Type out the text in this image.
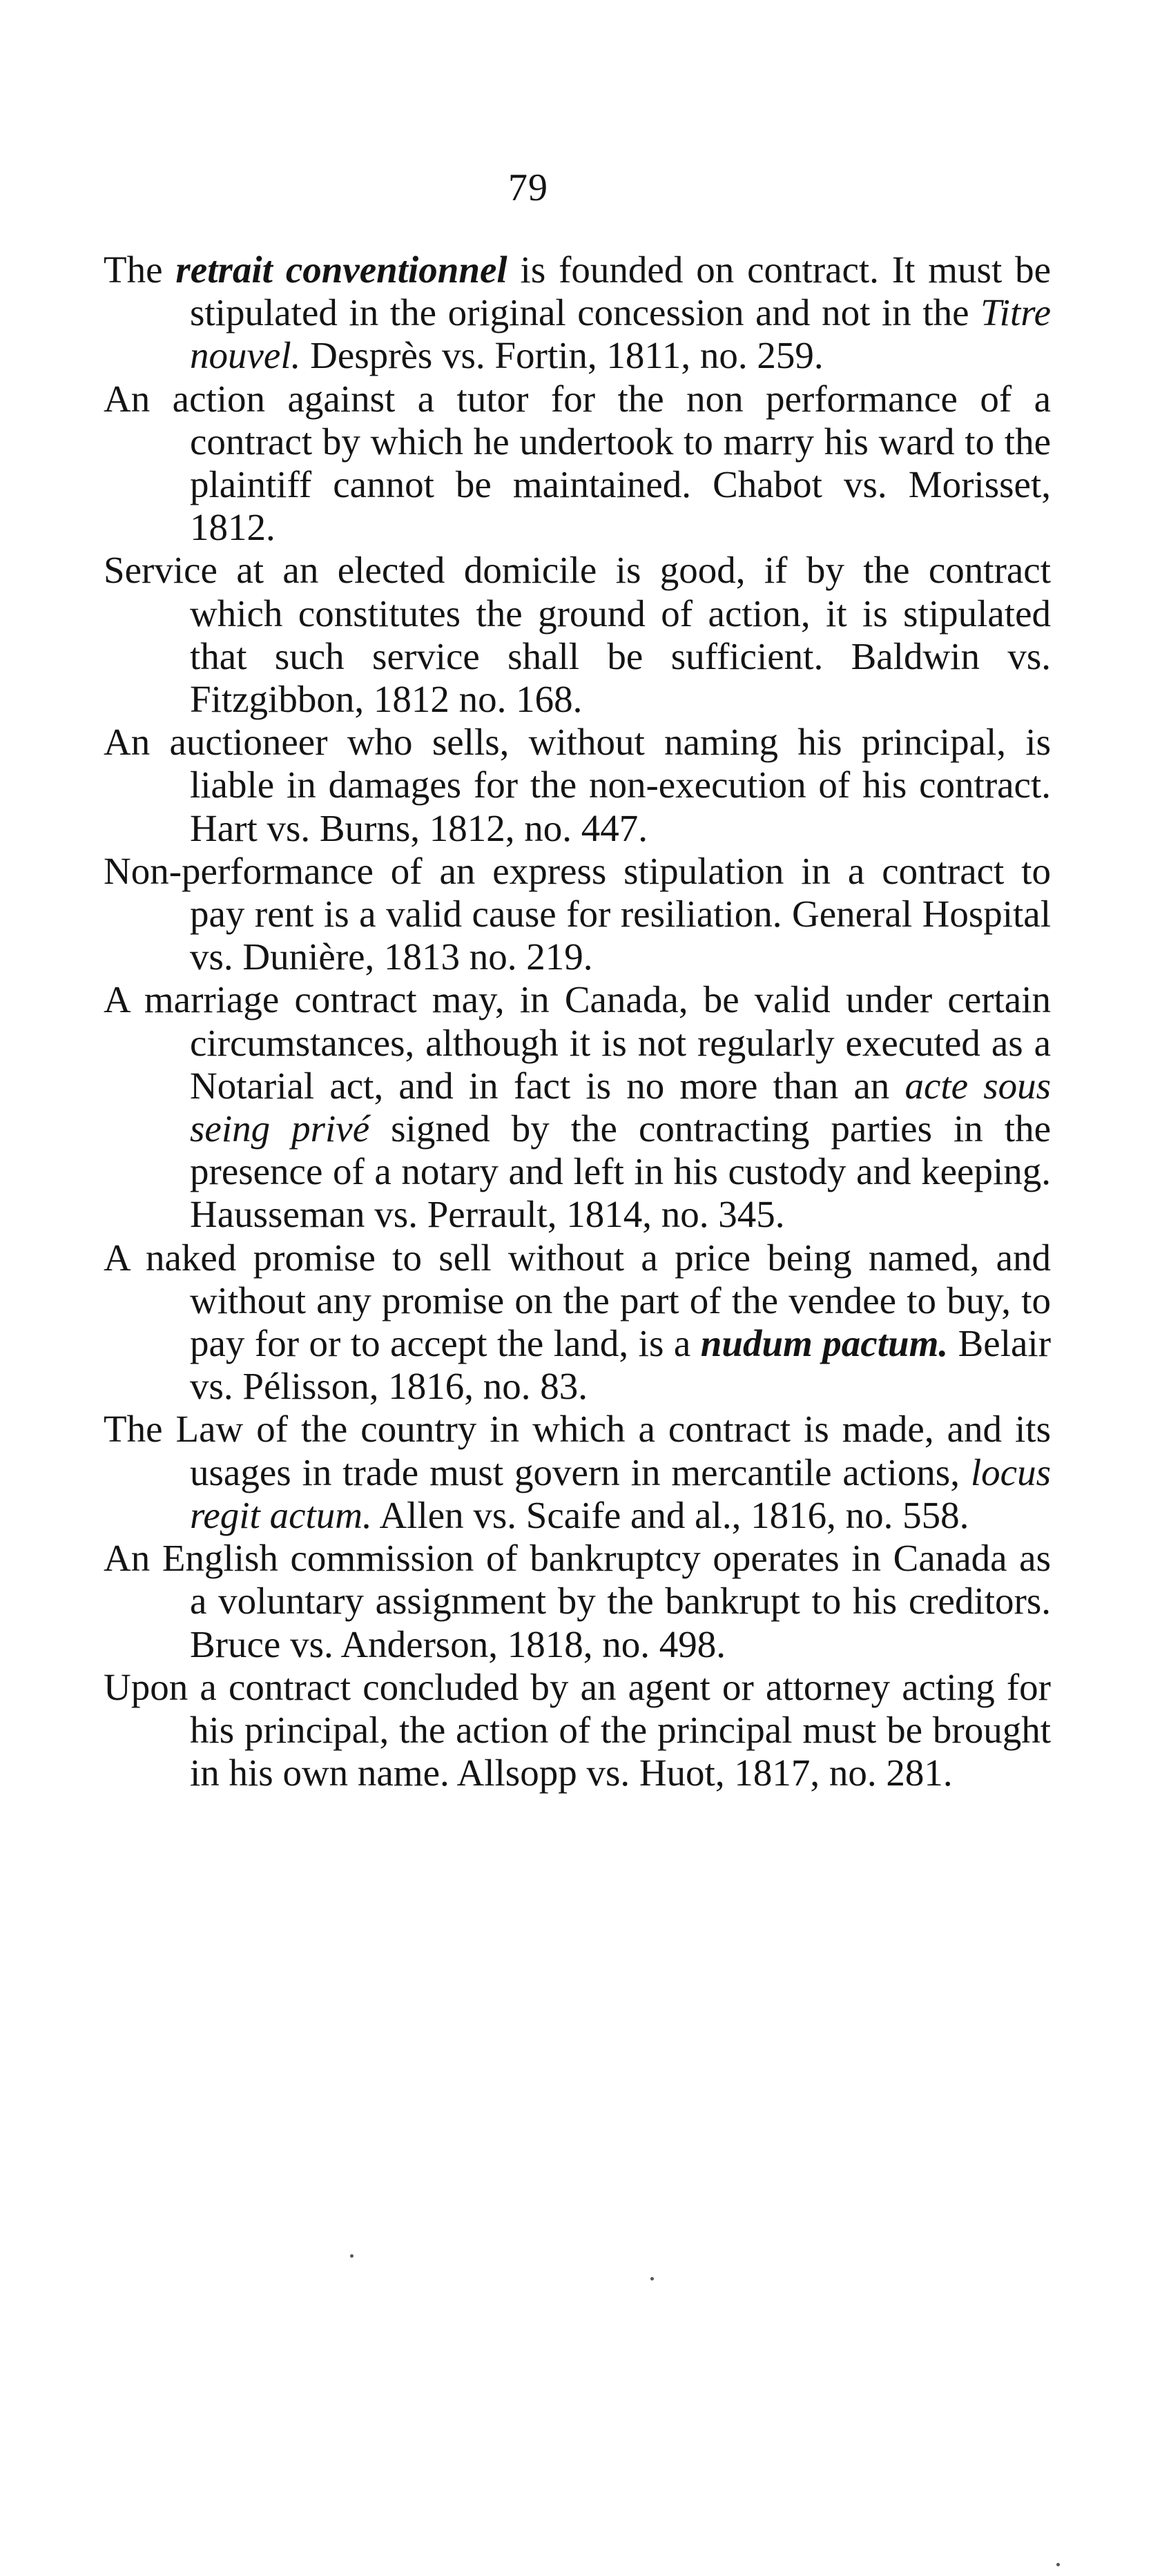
79

The retrait conventionnel is founded on contract. It must be stipulated in the original concession and not in the Titre nouvel. Desprès vs. Fortin, 1811, no. 259.

An action against a tutor for the non performance of a contract by which he undertook to marry his ward to the plaintiff cannot be maintained. Chabot vs. Morisset, 1812.

Service at an elected domicile is good, if by the contract which constitutes the ground of action, it is stipulated that such service shall be sufficient. Baldwin vs. Fitzgibbon, 1812 no. 168.

An auctioneer who sells, without naming his principal, is liable in damages for the non-execution of his contract. Hart vs. Burns, 1812, no. 447.

Non-performance of an express stipulation in a contract to pay rent is a valid cause for resiliation. General Hospital vs. Dunière, 1813 no. 219.

A marriage contract may, in Canada, be valid under certain circumstances, although it is not regularly executed as a Notarial act, and in fact is no more than an acte sous seing privé signed by the contracting parties in the presence of a notary and left in his custody and keeping. Hausseman vs. Perrault, 1814, no. 345.

A naked promise to sell without a price being named, and without any promise on the part of the vendee to buy, to pay for or to accept the land, is a nudum pactum. Belair vs. Pélisson, 1816, no. 83.

The Law of the country in which a contract is made, and its usages in trade must govern in mercantile actions, locus regit actum. Allen vs. Scaife and al., 1816, no. 558.

An English commission of bankruptcy operates in Canada as a voluntary assignment by the bankrupt to his creditors. Bruce vs. Anderson, 1818, no. 498.

Upon a contract concluded by an agent or attorney acting for his principal, the action of the principal must be brought in his own name. Allsopp vs. Huot, 1817, no. 281.
